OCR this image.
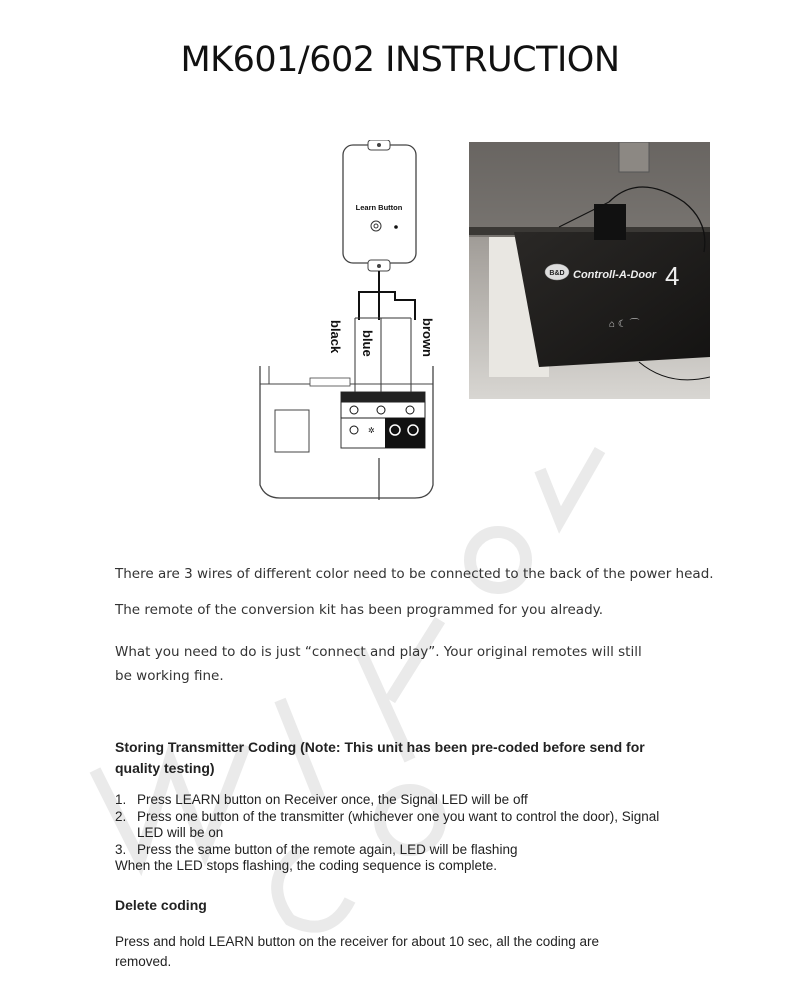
MK601/602 INSTRUCTION
Learn Button
black blue	brown
✲
B&D Controll-A-Door 4
⌂ ☾ ⌒
There are 3 wires of different color need to be connected to the back of the power head.
The remote of the conversion kit has been programmed for you already.
What you need to do is just “connect and play”. Your original remotes will still be working fine.
Storing Transmitter Coding (Note: This unit has been pre-coded before send for quality testing)
1. Press LEARN button on Receiver once, the Signal LED will be off
2. Press one button of the transmitter (whichever one you want to control the door), Signal LED will be on
3. Press the same button of the remote again, LED will be flashing
When the LED stops flashing, the coding sequence is complete.
Delete coding
Press and hold LEARN button on the receiver for about 10 sec, all the coding are removed.
